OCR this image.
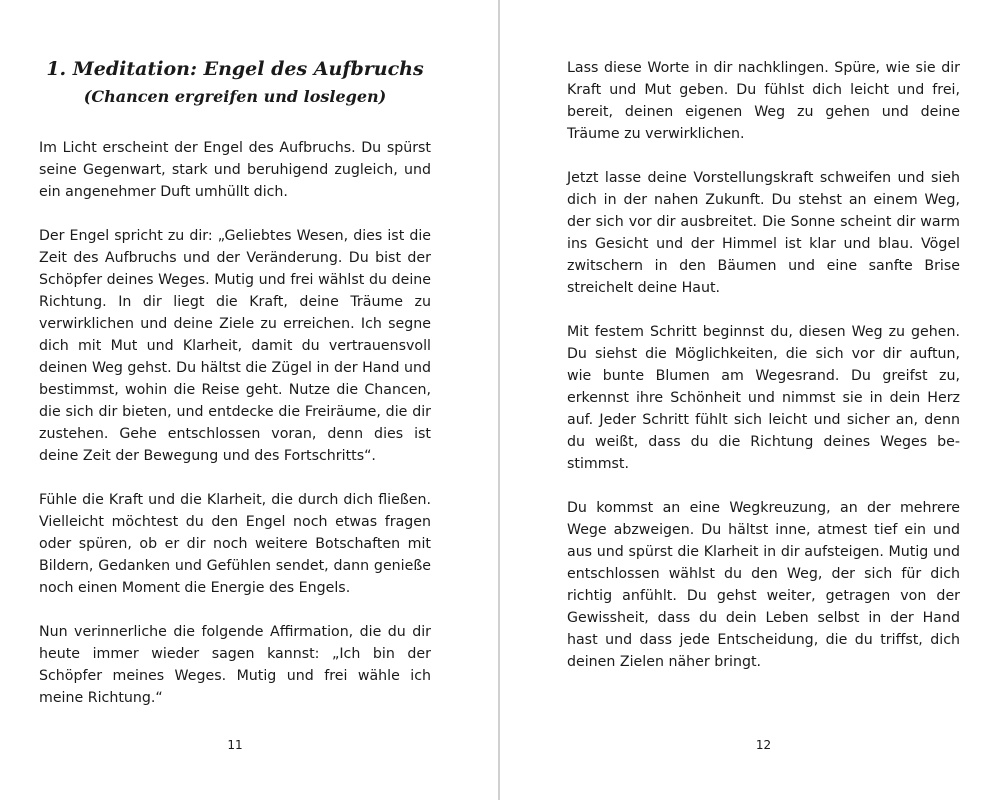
1. Meditation: Engel des Aufbruchs
(Chancen ergreifen und loslegen)

Im Licht erscheint der Engel des Aufbruchs. Du spürst seine Gegenwart, stark und beruhigend zugleich, und ein angenehmer Duft umhüllt dich.

Der Engel spricht zu dir: „Geliebtes Wesen, dies ist die Zeit des Aufbruchs und der Veränderung. Du bist der Schöpfer deines Weges. Mutig und frei wählst du deine Richtung. In dir liegt die Kraft, deine Träume zu verwirklichen und deine Ziele zu erreichen. Ich segne dich mit Mut und Klarheit, damit du vertrauensvoll deinen Weg gehst. Du hältst die Zügel in der Hand und bestimmst, wohin die Reise geht. Nutze die Chancen, die sich dir bieten, und entdecke die Freiräume, die dir zustehen. Gehe entschlossen voran, denn dies ist deine Zeit der Bewegung und des Fortschritts“.

Fühle die Kraft und die Klarheit, die durch dich fließen. Vielleicht möchtest du den Engel noch etwas fragen oder spüren, ob er dir noch weitere Botschaften mit Bildern, Gedanken und Gefühlen sendet, dann genieße noch einen Moment die Energie des Engels.

Nun verinnerliche die folgende Affirmation, die du dir heute immer wieder sagen kannst: „Ich bin der Schöpfer meines Weges. Mutig und frei wähle ich meine Richtung.“

11

Lass diese Worte in dir nachklingen. Spüre, wie sie dir Kraft und Mut geben. Du fühlst dich leicht und frei, bereit, deinen eigenen Weg zu gehen und deine Träume zu verwirklichen.

Jetzt lasse deine Vorstellungskraft schweifen und sieh dich in der nahen Zukunft. Du stehst an einem Weg, der sich vor dir ausbreitet. Die Sonne scheint dir warm ins Gesicht und der Himmel ist klar und blau. Vögel zwitschern in den Bäumen und eine sanfte Brise streichelt deine Haut.

Mit festem Schritt beginnst du, diesen Weg zu gehen. Du siehst die Möglichkeiten, die sich vor dir auftun, wie bunte Blumen am Wegesrand. Du greifst zu, erkennst ihre Schönheit und nimmst sie in dein Herz auf. Jeder Schritt fühlt sich leicht und sicher an, denn du weißt, dass du die Richtung deines Weges bestimmst.

Du kommst an eine Wegkreuzung, an der mehrere Wege abzweigen. Du hältst inne, atmest tief ein und aus und spürst die Klarheit in dir aufsteigen. Mutig und entschlossen wählst du den Weg, der sich für dich richtig anfühlt. Du gehst weiter, getragen von der Gewissheit, dass du dein Leben selbst in der Hand hast und dass jede Entscheidung, die du triffst, dich deinen Zielen näher bringt.

12
